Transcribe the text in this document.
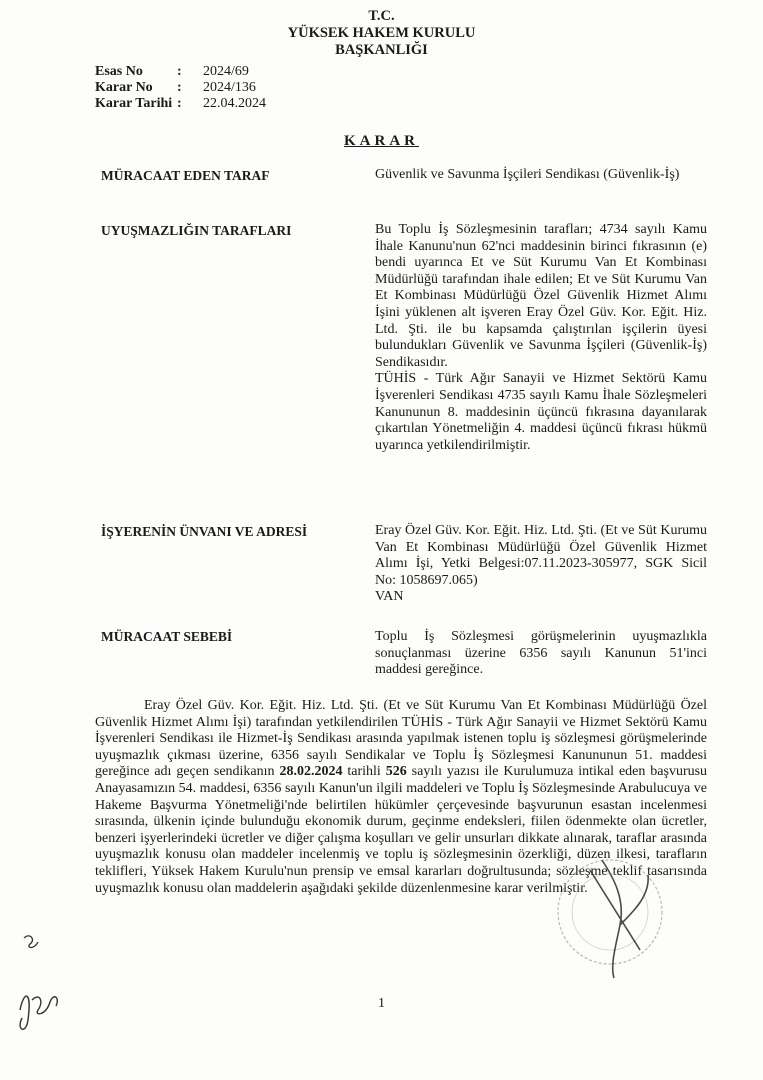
T.C.
YÜKSEK HAKEM KURULU
BAŞKANLIĞI
Esas No	:	2024/69
Karar No	:	2024/136
Karar Tarihi :	22.04.2024
KARAR
MÜRACAAT EDEN TARAF	Güvenlik ve Savunma İşçileri Sendikası (Güvenlik-İş)

UYUŞMAZLIĞIN TARAFLARI	Bu Toplu İş Sözleşmesinin tarafları; 4734 sayılı Kamu İhale Kanunu'nun 62'nci maddesinin birinci fıkrasının (e) bendi uyarınca Et ve Süt Kurumu Van Et Kombinası Müdürlüğü tarafından ihale edilen; Et ve Süt Kurumu Van Et Kombinası Müdürlüğü Özel Güvenlik Hizmet Alımı İşini yüklenen alt işveren Eray Özel Güv. Kor. Eğit. Hiz. Ltd. Şti. ile bu kapsamda çalıştırılan işçilerin üyesi bulundukları Güvenlik ve Savunma İşçileri (Güvenlik-İş) Sendikasıdır.

TÜHİS - Türk Ağır Sanayii ve Hizmet Sektörü Kamu İşverenleri Sendikası 4735 sayılı Kamu İhale Sözleşmeleri Kanununun 8. maddesinin üçüncü fıkrasına dayanılarak çıkartılan Yönetmeliğin 4. maddesi üçüncü fıkrası hükmü uyarınca yetkilendirilmiştir.

İŞYERENİN ÜNVANI VE ADRESİ	Eray Özel Güv. Kor. Eğit. Hiz. Ltd. Şti. (Et ve Süt Kurumu Van Et Kombinası Müdürlüğü Özel Güvenlik Hizmet Alımı İşi, Yetki Belgesi:07.11.2023-305977, SGK Sicil No: 1058697.065)

VAN

MÜRACAAT SEBEBİ	Toplu İş Sözleşmesi görüşmelerinin uyuşmazlıkla sonuçlanması üzerine 6356 sayılı Kanunun 51'inci maddesi gereğince.

Eray Özel Güv. Kor. Eğit. Hiz. Ltd. Şti. (Et ve Süt Kurumu Van Et Kombinası Müdürlüğü Özel Güvenlik Hizmet Alımı İşi) tarafından yetkilendirilen TÜHİS - Türk Ağır Sanayii ve Hizmet Sektörü Kamu İşverenleri Sendikası ile Hizmet-İş Sendikası arasında yapılmak istenen toplu iş sözleşmesi görüşmelerinde uyuşmazlık çıkması üzerine, 6356 sayılı Sendikalar ve Toplu İş Sözleşmesi Kanununun 51. maddesi gereğince adı geçen sendikanın 28.02.2024 tarihli 526 sayılı yazısı ile Kurulumuza intikal eden başvurusu Anayasamızın 54. maddesi, 6356 sayılı Kanun'un ilgili maddeleri ve Toplu İş Sözleşmesinde Arabulucuya ve Hakeme Başvurma Yönetmeliği'nde belirtilen hükümler çerçevesinde başvurunun esastan incelenmesi sırasında, ülkenin içinde bulunduğu ekonomik durum, geçinme endeksleri, fiilen ödenmekte olan ücretler, benzeri işyerlerindeki ücretler ve diğer çalışma koşulları ve gelir unsurları dikkate alınarak, taraflar arasında uyuşmazlık konusu olan maddeler incelenmiş ve toplu iş sözleşmesinin özerkliği, düzen ilkesi, tarafların teklifleri, Yüksek Hakem Kurulu'nun prensip ve emsal kararları doğrultusunda; sözleşme teklif tasarısında uyuşmazlık konusu olan maddelerin aşağıdaki şekilde düzenlenmesine karar verilmiştir.
1
